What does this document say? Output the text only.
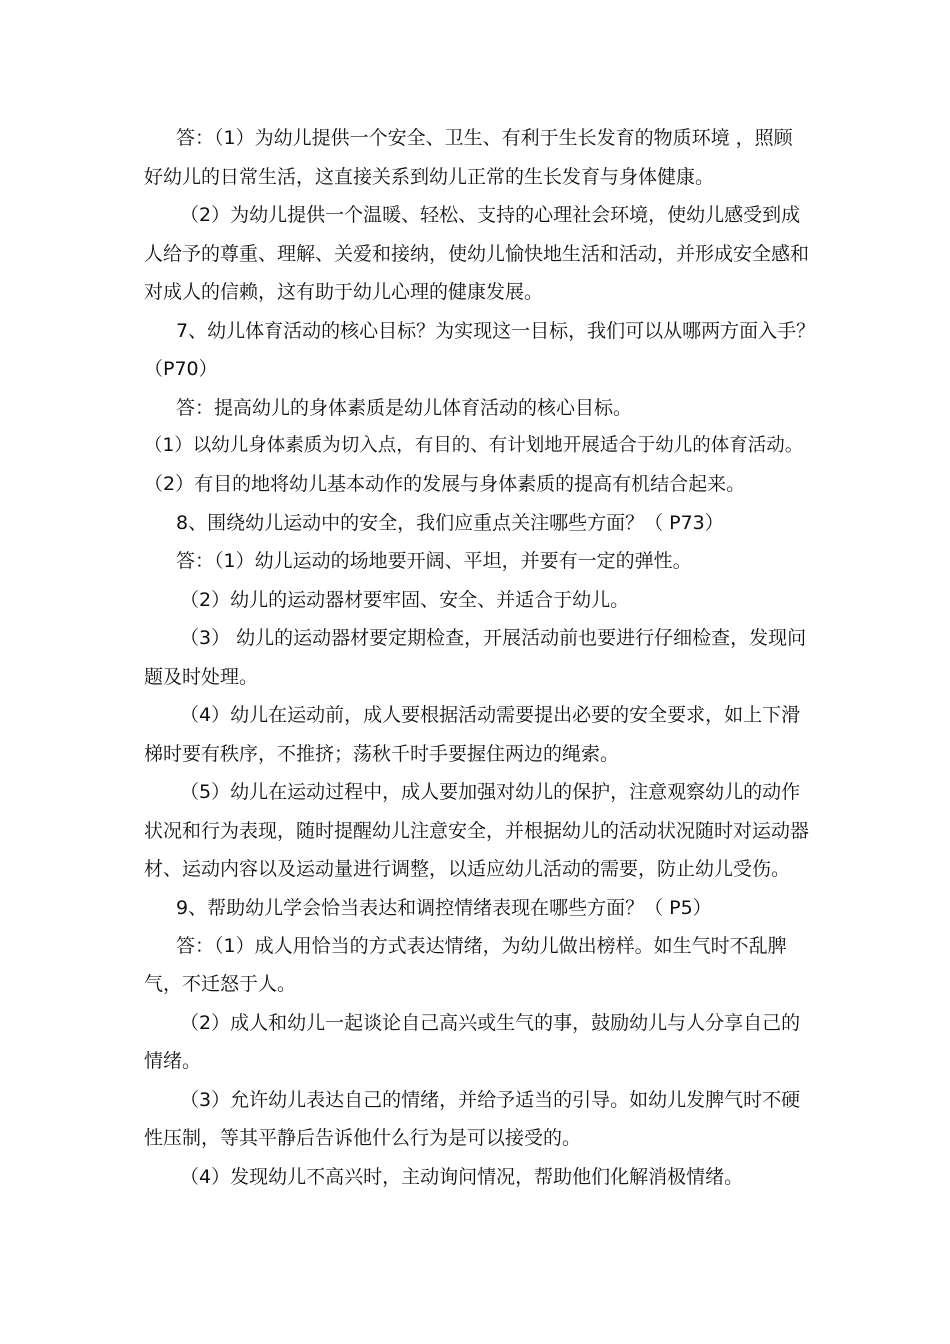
答：（1）为幼儿提供一个安全、卫生、有利于生长发育的物质环境 ，照顾
好幼儿的日常生活，这直接关系到幼儿正常的生长发育与身体健康。
（2）为幼儿提供一个温暖、轻松、支持的心理社会环境，使幼儿感受到成
人给予的尊重、理解、关爱和接纳，使幼儿愉快地生活和活动，并形成安全感和
对成人的信赖，这有助于幼儿心理的健康发展。
7、幼儿体育活动的核心目标？为实现这一目标，我们可以从哪两方面入手？
（P70）
答：提高幼儿的身体素质是幼儿体育活动的核心目标。
（1）以幼儿身体素质为切入点，有目的、有计划地开展适合于幼儿的体育活动。
（2）有目的地将幼儿基本动作的发展与身体素质的提高有机结合起来。
8、围绕幼儿运动中的安全，我们应重点关注哪些方面？（ P73）
答：（1）幼儿运动的场地要开阔、平坦，并要有一定的弹性。
（2）幼儿的运动器材要牢固、安全、并适合于幼儿。
（3） 幼儿的运动器材要定期检查，开展活动前也要进行仔细检查，发现问
题及时处理。
（4）幼儿在运动前，成人要根据活动需要提出必要的安全要求，如上下滑
梯时要有秩序，不推挤；荡秋千时手要握住两边的绳索。
（5）幼儿在运动过程中，成人要加强对幼儿的保护，注意观察幼儿的动作
状况和行为表现，随时提醒幼儿注意安全，并根据幼儿的活动状况随时对运动器
材、运动内容以及运动量进行调整，以适应幼儿活动的需要，防止幼儿受伤。
9、帮助幼儿学会恰当表达和调控情绪表现在哪些方面？（ P5）
答：（1）成人用恰当的方式表达情绪，为幼儿做出榜样。如生气时不乱脾
气，不迁怒于人。
（2）成人和幼儿一起谈论自己高兴或生气的事，鼓励幼儿与人分享自己的
情绪。
（3）允许幼儿表达自己的情绪，并给予适当的引导。如幼儿发脾气时不硬
性压制，等其平静后告诉他什么行为是可以接受的。
（4）发现幼儿不高兴时，主动询问情况，帮助他们化解消极情绪。
